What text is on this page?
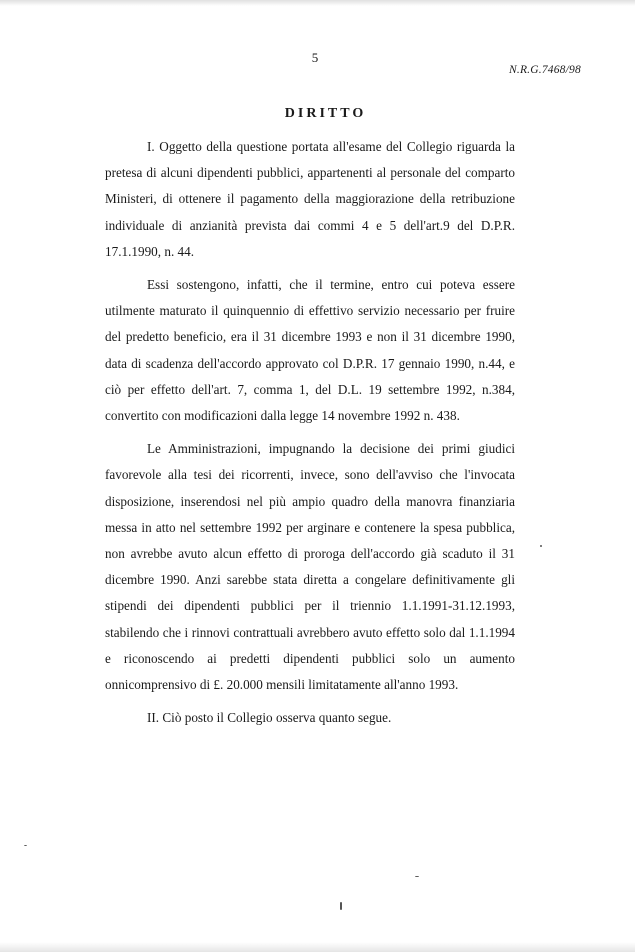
5
N.R.G.7468/98
DIRITTO

I. Oggetto della questione portata all'esame del Collegio riguarda la pretesa di alcuni dipendenti pubblici, appartenenti al personale del comparto Ministeri, di ottenere il pagamento della maggiorazione della retribuzione individuale di anzianità prevista dai commi 4 e 5 dell'art.9 del D.P.R. 17.1.1990, n. 44.

Essi sostengono, infatti, che il termine, entro cui poteva essere utilmente maturato il quinquennio di effettivo servizio necessario per fruire del predetto beneficio, era il 31 dicembre 1993 e non il 31 dicembre 1990, data di scadenza dell'accordo approvato col D.P.R. 17 gennaio 1990, n.44, e ciò per effetto dell'art. 7, comma 1, del D.L. 19 settembre 1992, n.384, convertito con modificazioni dalla legge 14 novembre 1992 n. 438.

Le Amministrazioni, impugnando la decisione dei primi giudici favorevole alla tesi dei ricorrenti, invece, sono dell'avviso che l'invocata disposizione, inserendosi nel più ampio quadro della manovra finanziaria messa in atto nel settembre 1992 per arginare e contenere la spesa pubblica, non avrebbe avuto alcun effetto di proroga dell'accordo già scaduto il 31 dicembre 1990. Anzi sarebbe stata diretta a congelare definitivamente gli stipendi dei dipendenti pubblici per il triennio 1.1.1991-31.12.1993, stabilendo che i rinnovi contrattuali avrebbero avuto effetto solo dal 1.1.1994 e riconoscendo ai predetti dipendenti pubblici solo un aumento onnicomprensivo di £. 20.000 mensili limitatamente all'anno 1993.

II. Ciò posto il Collegio osserva quanto segue.
